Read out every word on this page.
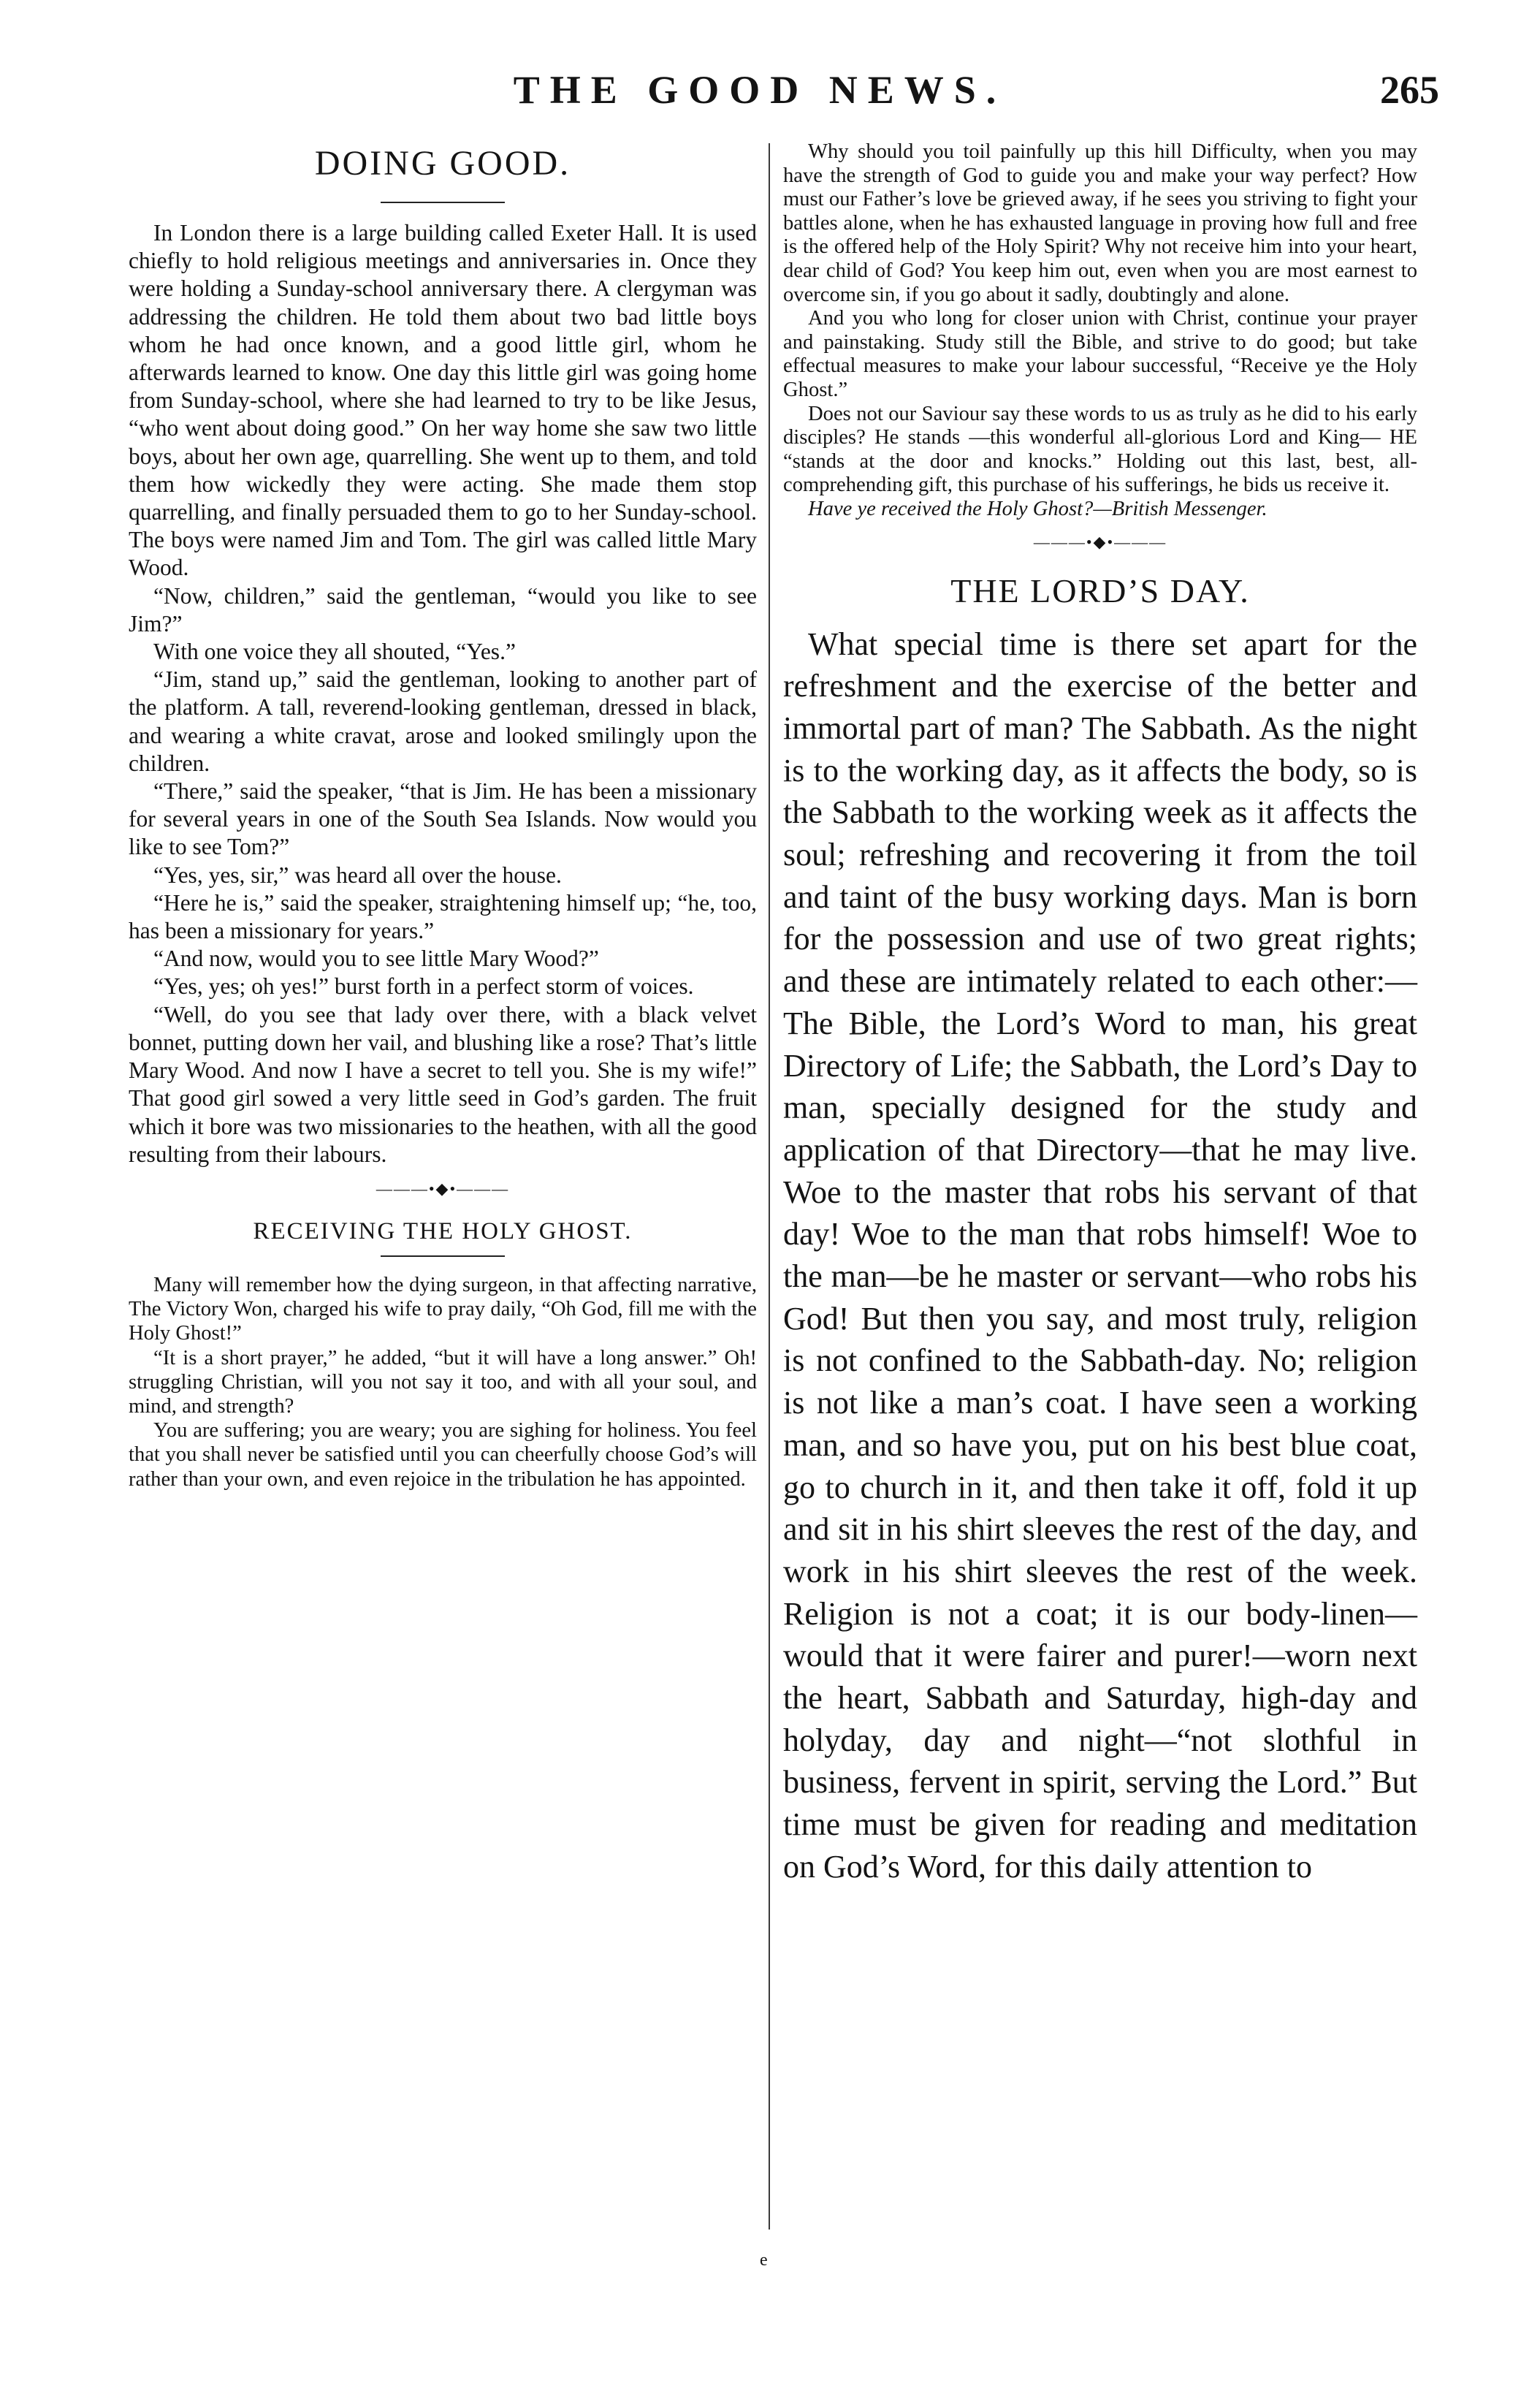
THE GOOD NEWS.	265
DOING GOOD.

In London there is a large building called Exeter Hall. It is used chiefly to hold religious meetings and anniversaries in. Once they were holding a Sunday-school anniversary there. A clergyman was addressing the children. He told them about two bad little boys whom he had once known, and a good little girl, whom he afterwards learned to know. One day this little girl was going home from Sunday-school, where she had learned to try to be like Jesus, “who went about doing good.” On her way home she saw two little boys, about her own age, quarrelling. She went up to them, and told them how wickedly they were acting. She made them stop quarrelling, and finally persuaded them to go to her Sunday-school. The boys were named Jim and Tom. The girl was called little Mary Wood.

“Now, children,” said the gentleman, “would you like to see Jim?”

With one voice they all shouted, “Yes.”

“Jim, stand up,” said the gentleman, looking to another part of the platform. A tall, reverend-looking gentleman, dressed in black, and wearing a white cravat, arose and looked smilingly upon the children.

“There,” said the speaker, “that is Jim. He has been a missionary for several years in one of the South Sea Islands. Now would you like to see Tom?”

“Yes, yes, sir,” was heard all over the house.

“Here he is,” said the speaker, straightening himself up; “he, too, has been a missionary for years.”

“And now, would you to see little Mary Wood?”

“Yes, yes; oh yes!” burst forth in a perfect storm of voices.

“Well, do you see that lady over there, with a black velvet bonnet, putting down her vail, and blushing like a rose? That’s little Mary Wood. And now I have a secret to tell you. She is my wife!” That good girl sowed a very little seed in God’s garden. The fruit which it bore was two missionaries to the heathen, with all the good resulting from their labours.

———•◆•———
RECEIVING THE HOLY GHOST.

Many will remember how the dying surgeon, in that affecting narrative, The Victory Won, charged his wife to pray daily, “Oh God, fill me with the Holy Ghost!”

“It is a short prayer,” he added, “but it will have a long answer.” Oh! struggling Christian, will you not say it too, and with all your soul, and mind, and strength?

You are suffering; you are weary; you are sighing for holiness. You feel that you shall never be satisfied until you can cheerfully choose God’s will rather than your own, and even rejoice in the tribulation he has appointed.

Why should you toil painfully up this hill Difficulty, when you may have the strength of God to guide you and make your way perfect? How must our Father’s love be grieved away, if he sees you striving to fight your battles alone, when he has exhausted language in proving how full and free is the offered help of the Holy Spirit? Why not receive him into your heart, dear child of God? You keep him out, even when you are most earnest to overcome sin, if you go about it sadly, doubtingly and alone.

And you who long for closer union with Christ, continue your prayer and painstaking. Study still the Bible, and strive to do good; but take effectual measures to make your labour successful, “Receive ye the Holy Ghost.”

Does not our Saviour say these words to us as truly as he did to his early disciples? He stands —this wonderful all-glorious Lord and King— HE “stands at the door and knocks.” Holding out this last, best, all-comprehending gift, this purchase of his sufferings, he bids us receive it.

Have ye received the Holy Ghost?—British Messenger.

———•◆•———
THE LORD’S DAY.

What special time is there set apart for the refreshment and the exercise of the better and immortal part of man? The Sabbath. As the night is to the working day, as it affects the body, so is the Sabbath to the working week as it affects the soul; refreshing and recovering it from the toil and taint of the busy working days. Man is born for the possession and use of two great rights; and these are intimately related to each other:—The Bible, the Lord’s Word to man, his great Directory of Life; the Sabbath, the Lord’s Day to man, specially designed for the study and application of that Directory—that he may live. Woe to the master that robs his servant of that day! Woe to the man that robs himself! Woe to the man—be he master or servant—who robs his God! But then you say, and most truly, religion is not confined to the Sabbath-day. No; religion is not like a man’s coat. I have seen a working man, and so have you, put on his best blue coat, go to church in it, and then take it off, fold it up and sit in his shirt sleeves the rest of the day, and work in his shirt sleeves the rest of the week. Religion is not a coat; it is our body-linen—would that it were fairer and purer!—worn next the heart, Sabbath and Saturday, high-day and holyday, day and night—“not slothful in business, fervent in spirit, serving the Lord.” But time must be given for reading and meditation on God’s Word, for this daily attention to

e
